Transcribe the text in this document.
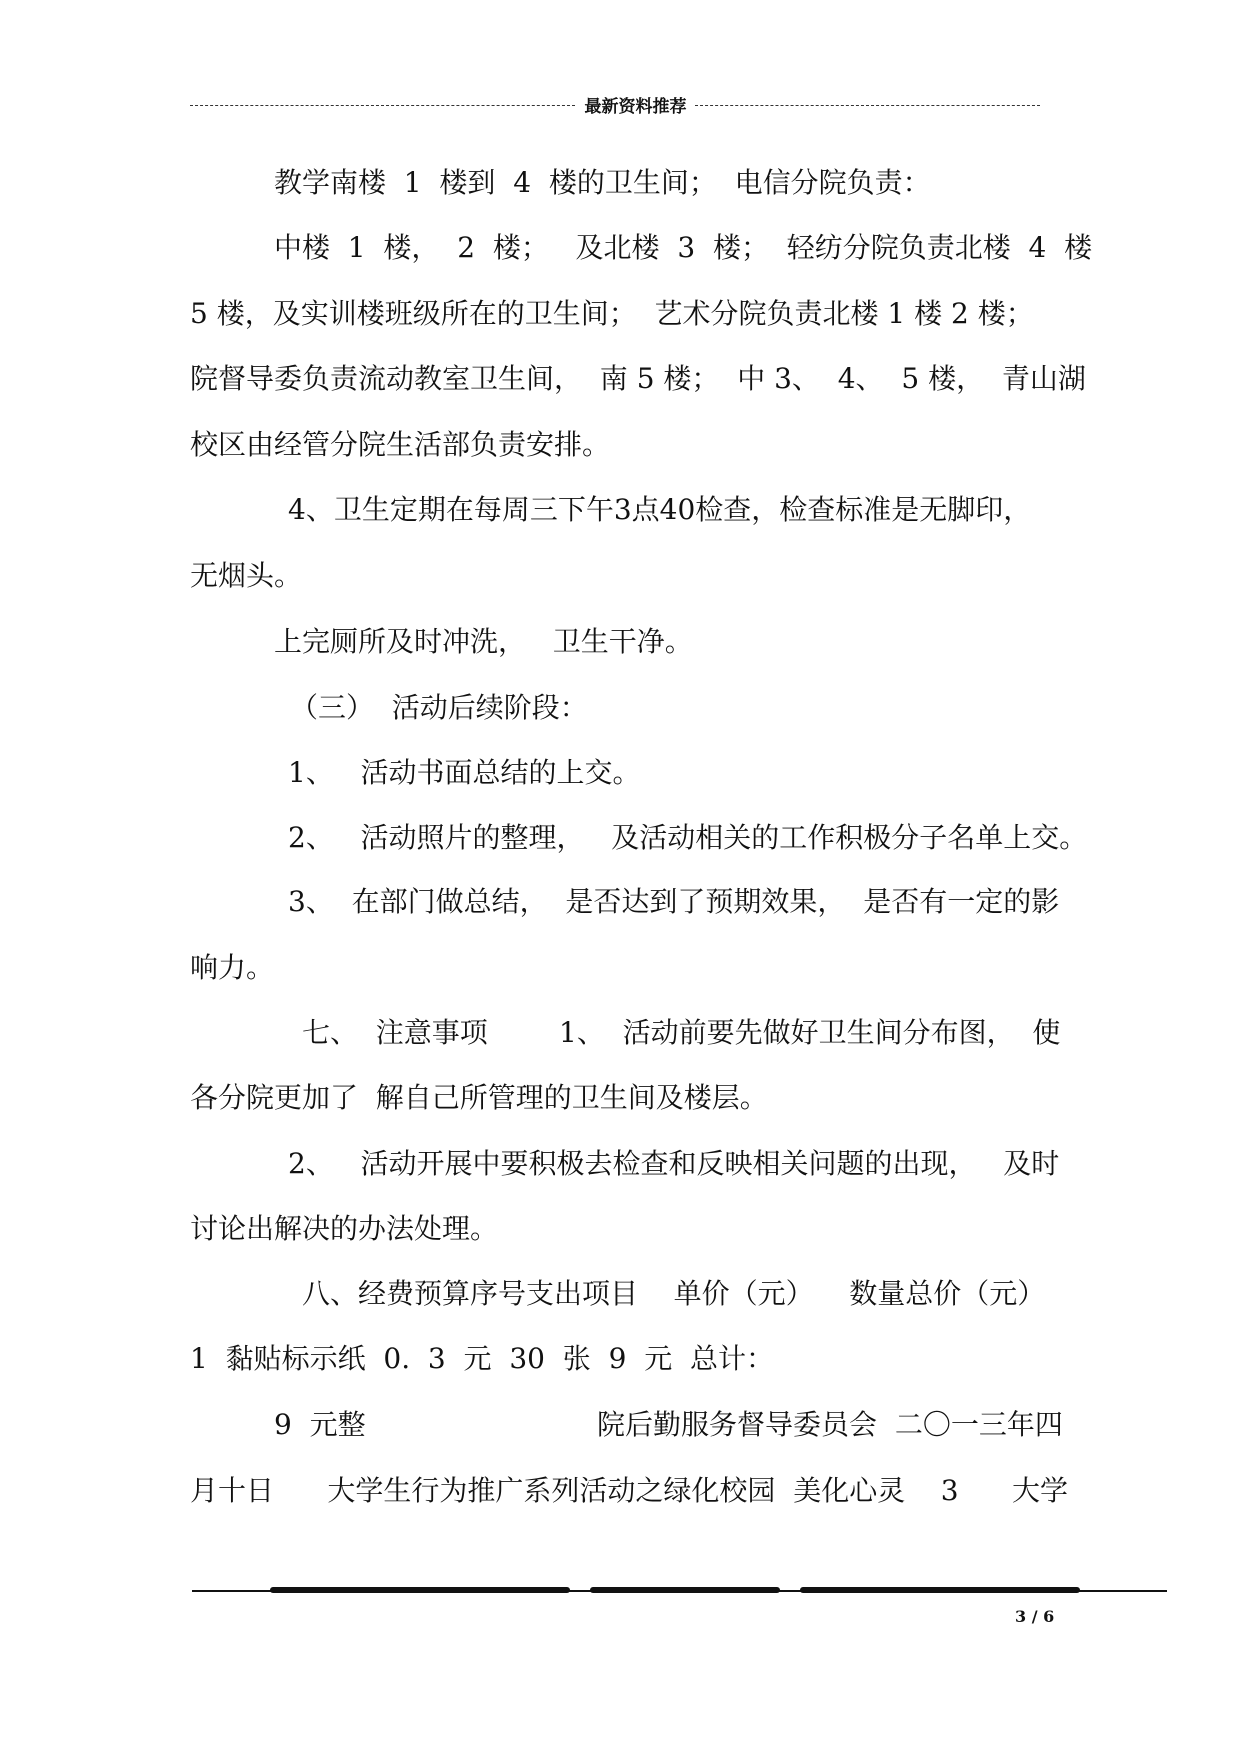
最新资料推荐
教学南楼  1  楼到  4  楼的卫生间；  电信分院负责：
中楼  1  楼，  2  楼；   及北楼  3  楼；  轻纺分院负责北楼  4  楼
5 楼，及实训楼班级所在的卫生间；  艺术分院负责北楼 1 楼 2 楼；
院督导委负责流动教室卫生间，  南 5 楼；  中 3、  4、  5 楼，  青山湖
校区由经管分院生活部负责安排。
4、卫生定期在每周三下午3点40检查，检查标准是无脚印，
无烟头。
上完厕所及时冲洗，   卫生干净。
（三）  活动后续阶段：
1、   活动书面总结的上交。
2、   活动照片的整理，   及活动相关的工作积极分子名单上交。
3、  在部门做总结，  是否达到了预期效果，  是否有一定的影
响力。
七、  注意事项        1、  活动前要先做好卫生间分布图，  使
各分院更加了  解自己所管理的卫生间及楼层。
2、   活动开展中要积极去检查和反映相关问题的出现，   及时
讨论出解决的办法处理。
八、经费预算序号支出项目    单价（元）    数量总价（元）
1  黏贴标示纸  0.  3  元  30  张  9  元  总计：
9  元整                          院后勤服务督导委员会  二〇一三年四
月十日      大学生行为推广系列活动之绿化校园  美化心灵    3      大学
3 / 6
